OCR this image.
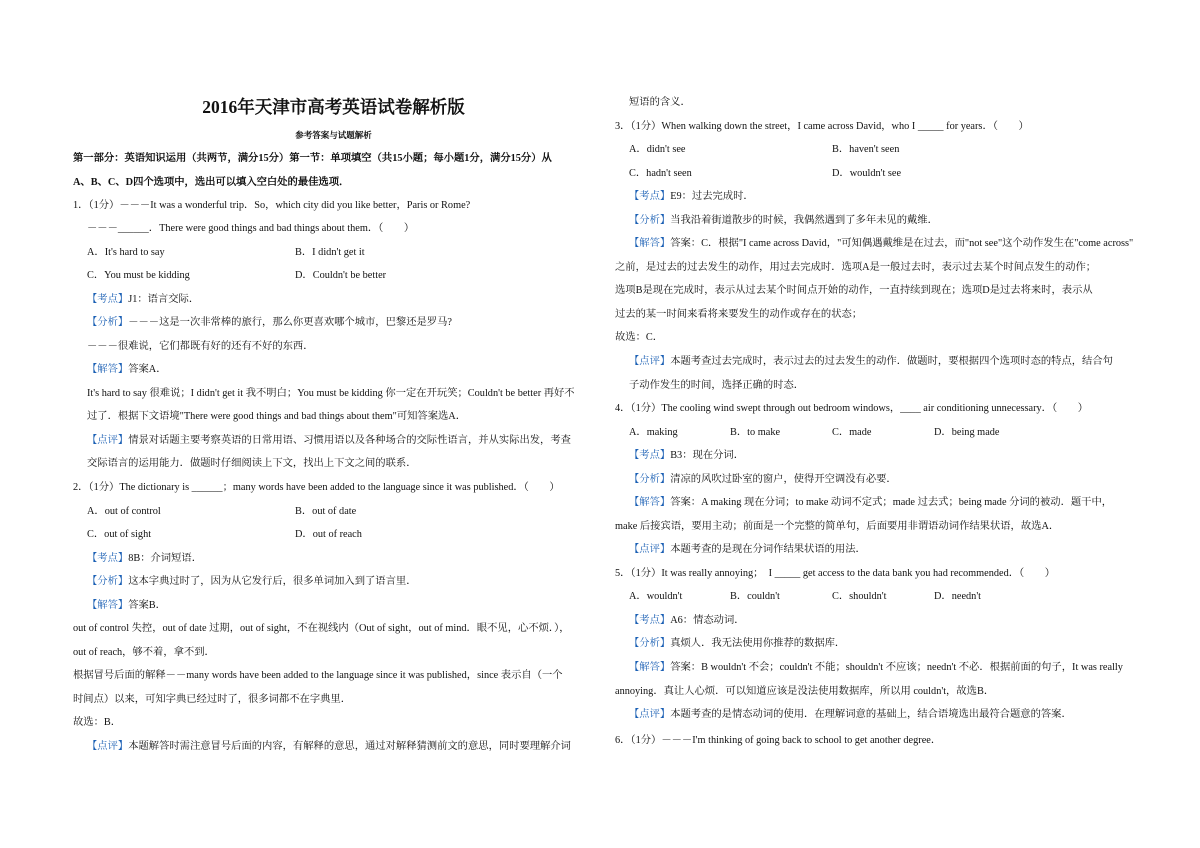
2016年天津市高考英语试卷解析版
参考答案与试题解析
第一部分：英语知识运用（共两节，满分15分）第一节：单项填空（共15小题；每小题1分，满分15分）从
A、B、C、D四个选项中，选出可以填入空白处的最佳选项．
1．（1分）－－－It was a wonderful trip．So，which city did you like better，Paris or Rome?
－－－______．There were good things and bad things about them．（　　）
A．It's hard to say	B．I didn't get it
C．You must be kidding	D．Couldn't be better
【考点】J1：语言交际．
【分析】－－－这是一次非常棒的旅行，那么你更喜欢哪个城市，巴黎还是罗马?
－－－很难说，它们都既有好的还有不好的东西．
【解答】答案A．
It's hard to say 很难说；I didn't get it 我不明白；You must be kidding 你一定在开玩笑；Couldn't be better 再好不
过了．根据下文语境"There were good things and bad things about them"可知答案选A．
【点评】情景对话题主要考察英语的日常用语、习惯用语以及各种场合的交际性语言，并从实际出发，考查
交际语言的运用能力．做题时仔细阅读上下文，找出上下文之间的联系．
2．（1分）The dictionary is ______；many words have been added to the language since it was published．（　　）
A．out of control	B．out of date
C．out of sight	D．out of reach
【考点】8B：介词短语．
【分析】这本字典过时了，因为从它发行后，很多单词加入到了语言里．
【解答】答案B．
out of control 失控，out of date 过期，out of sight，不在视线内（Out of sight，out of mind．眼不见，心不烦．），
out of reach，够不着，拿不到．
根据冒号后面的解释－－many words have been added to the language since it was published，since 表示自（一个
时间点）以来，可知字典已经过时了，很多词都不在字典里．
故选：B．
【点评】本题解答时需注意冒号后面的内容，有解释的意思，通过对解释猜测前文的意思，同时要理解介词
短语的含义．
3．（1分）When walking down the street，I came across David，who I _____ for years．（　　）
A．didn't see	B．haven't seen
C．hadn't seen	D．wouldn't see
【考点】E9：过去完成时．
【分析】当我沿着街道散步的时候，我偶然遇到了多年未见的戴维．
【解答】答案：C．根据"I came across David，"可知偶遇戴维是在过去，而"not see"这个动作发生在"come across"
之前，是过去的过去发生的动作，用过去完成时．选项A是一般过去时，表示过去某个时间点发生的动作；
选项B是现在完成时，表示从过去某个时间点开始的动作，一直持续到现在；选项D是过去将来时，表示从
过去的某一时间来看将来要发生的动作或存在的状态；
故选：C．
【点评】本题考查过去完成时，表示过去的过去发生的动作．做题时，要根据四个选项时态的特点，结合句
子动作发生的时间，选择正确的时态．
4．（1分）The cooling wind swept through out bedroom windows，____ air conditioning unnecessary．（　　）
A．making	B．to make	C．made	D．being made
【考点】B3：现在分词．
【分析】清凉的风吹过卧室的窗户，使得开空调没有必要．
【解答】答案：A making 现在分词；to make 动词不定式；made 过去式；being made 分词的被动．题干中，
make 后接宾语，要用主动；前面是一个完整的简单句，后面要用非谓语动词作结果状语，故选A．
【点评】本题考查的是现在分词作结果状语的用法．
5．（1分）It was really annoying；　I _____ get access to the data bank you had recommended．（　　）
A．wouldn't	B．couldn't	C．shouldn't	D．needn't
【考点】A6：情态动词．
【分析】真烦人．我无法使用你推荐的数据库．
【解答】答案：B wouldn't 不会；couldn't 不能；shouldn't 不应该；needn't 不必．根据前面的句子，It was really
annoying．真让人心烦．可以知道应该是没法使用数据库，所以用 couldn't，故选B．
【点评】本题考查的是情态动词的使用．在理解词意的基础上，结合语境选出最符合题意的答案．
6．（1分）－－－I'm thinking of going back to school to get another degree．
